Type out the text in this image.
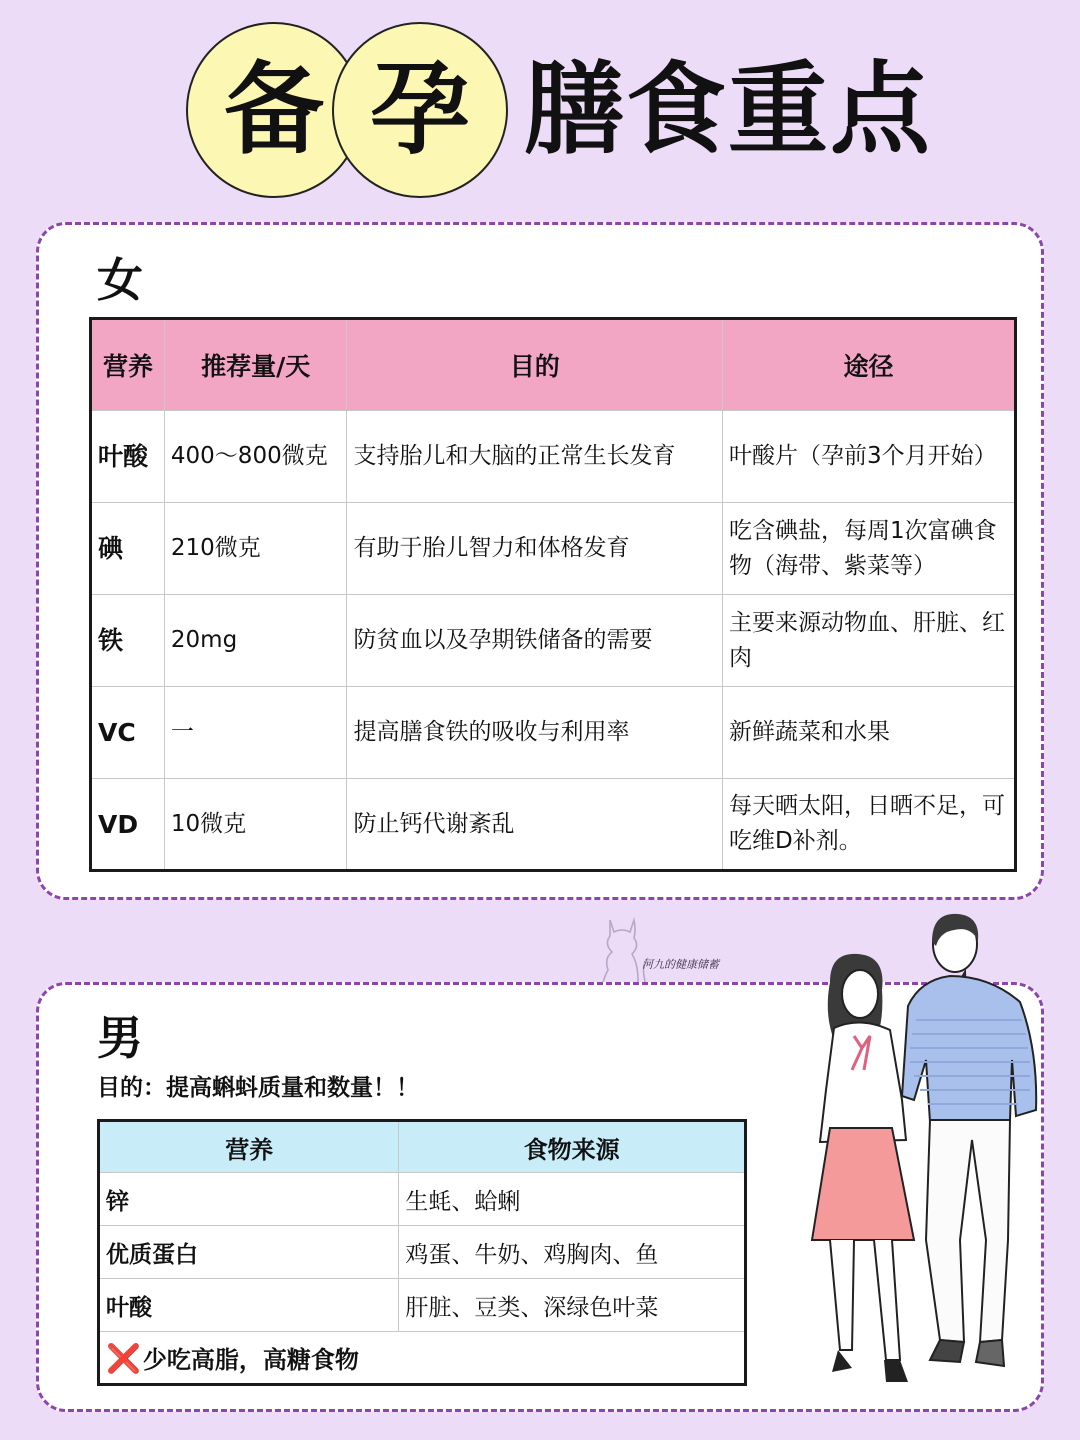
备 孕 膳食重点
女
营养	推荐量/天	目的	途径
叶酸	400～800微克	支持胎儿和大脑的正常生长发育	叶酸片（孕前3个月开始）
碘	210微克	有助于胎儿智力和体格发育	吃含碘盐，每周1次富碘食物（海带、紫菜等）
铁	20mg	防贫血以及孕期铁储备的需要	主要来源动物血、肝脏、红肉
VC	一	提高膳食铁的吸收与利用率	新鲜蔬菜和水果
VD	10微克	防止钙代谢紊乱	每天晒太阳，日晒不足，可吃维D补剂。
河九的健康储蓄
男
目的：提高蝌蚪质量和数量！！
营养	食物来源
锌	生蚝、蛤蜊
优质蛋白	鸡蛋、牛奶、鸡胸肉、鱼
叶酸	肝脏、豆类、深绿色叶菜
❌少吃高脂，高糖食物	
